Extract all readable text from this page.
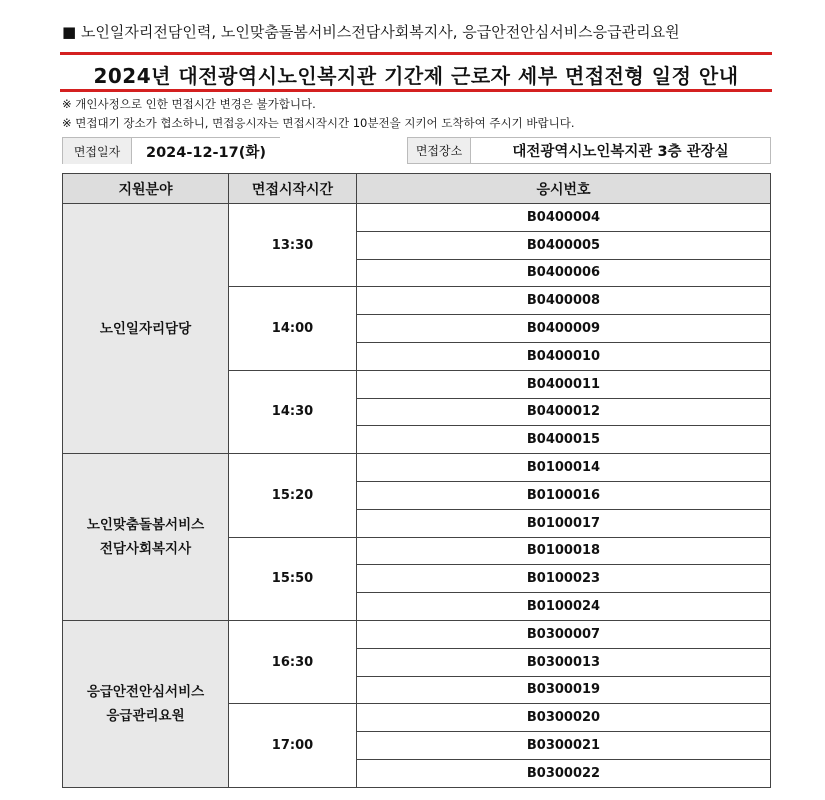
■ 노인일자리전담인력, 노인맞춤돌봄서비스전담사회복지사, 응급안전안심서비스응급관리요원
2024년 대전광역시노인복지관 기간제 근로자 세부 면접전형 일정 안내
※ 개인사정으로 인한 면접시간 변경은 불가합니다.
※ 면접대기 장소가 협소하니, 면접응시자는 면접시작시간 10분전을 지키어 도착하여 주시기 바랍니다.
면접일자	2024-12-17(화)	면접장소	대전광역시노인복지관 3층 관장실
지원분야	면접시작시간	응시번호
노인일자리담당	13:30	B0400004
		B0400005
		B0400006
	14:00	B0400008
		B0400009
		B0400010
	14:30	B0400011
		B0400012
		B0400015
노인맞춤돌봄서비스
전담사회복지사	15:20	B0100014
		B0100016
		B0100017
	15:50	B0100018
		B0100023
		B0100024
응급안전안심서비스
응급관리요원	16:30	B0300007
		B0300013
		B0300019
	17:00	B0300020
		B0300021
		B0300022
